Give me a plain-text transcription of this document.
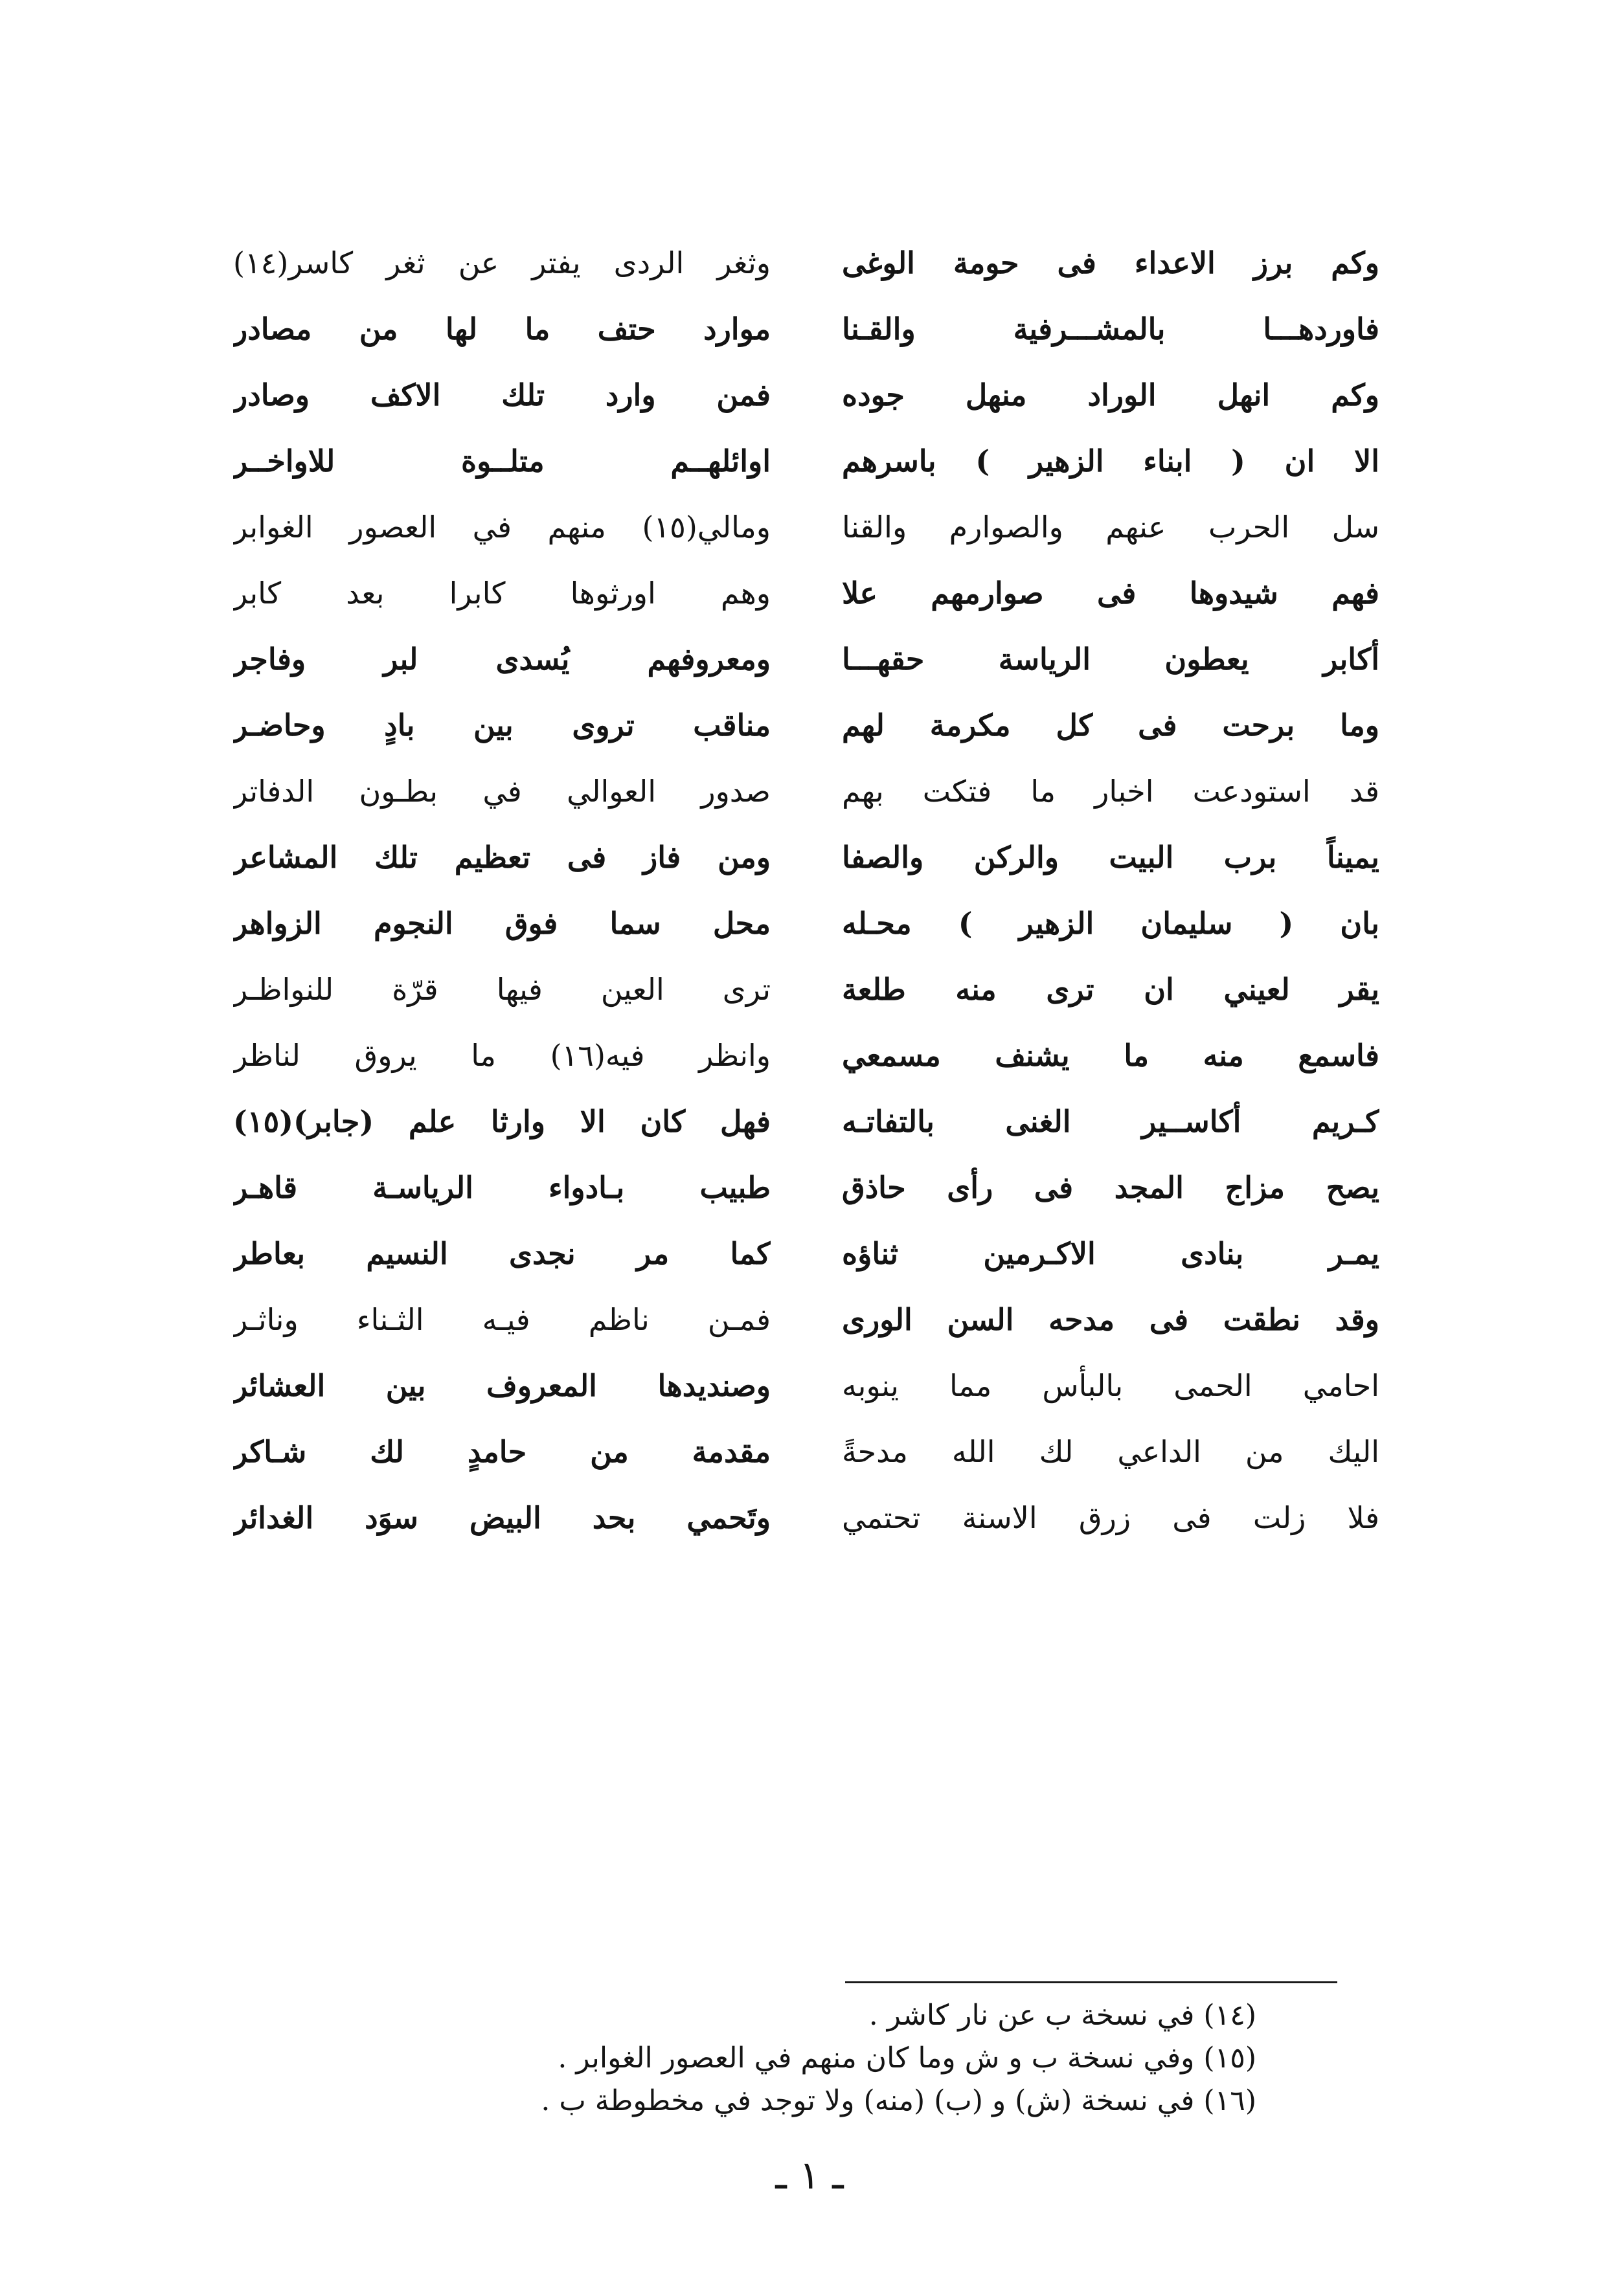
وكم برز الاعداء فى حومة الوغى
فاوردهـــا بالمشـــرفية والقـنا
وكم انهل الوراد منهل جوده
الا ان ( ابناء الزهير ) باسرهم
سل الحرب عنهم والصوارم والقنا
فهم شيدوها فى صوارمهم علا
أكابر يعطون الرياسة حقهـــا
وما برحت فى كل مكرمة لهم
قد استودعت اخبار ما فتكت بهم
يميناً برب البيت والركن والصفا
بان ( سليمان الزهير ) محـله
يقر لعيني ان ترى منه طلعة
فاسمع منه ما يشنف مسمعي
كـريم أكاســير الغنى بالتفاتـه
يصح مزاج المجد فى رأى حاذق
يمـر بنادى الاكـرمين ثناؤه
وقد نطقت فى مدحه السن الورى
احامي الحمى بالبأس مما ينوبه
اليك من الداعي لك الله مدحةً
فلا زلت فى زرق الاسنة تحتمي
وثغر الردى يفتر عن ثغر كاسر(١٤)
موارد حتف ما لها من مصادر
فمن وارد تلك الاكف وصادر
اوائلهــم متلــوة للاواخــر
ومالي(١٥) منهم في العصور الغوابر
وهم اورثوها كابرا بعد كابر
ومعروفهم يُسدى لبر وفاجر
مناقب تروى بين بادٍ وحاضـر
صدور العوالي في بطـون الدفاتر
ومن فاز فى تعظيم تلك المشاعر
محل سما فوق النجوم الزواهر
ترى العين فيها قرّة للنواظـر
وانظر فيه(١٦) ما يروق لناظر
فهل كان الا وارثا علم (جابر)(١٥)
طبيب بـادواء الرياسـة قاهـر
كما مر نجدى النسيم بعاطر
فمـن ناظم فيـه الثـناء وناثـر
وصنديدها المعروف بين العشائر
مقدمة من حامدٍ لك شـاكر
وتَحمي بحد البيض سوَد الغدائر
(١٤) في نسخة ب عن نار كاشر .
(١٥) وفي نسخة ب و ش وما كان منهم في العصور الغوابر .
(١٦) في نسخة (ش) و (ب) (منه) ولا توجد في مخطوطة ب .
ـ ١ ـ
